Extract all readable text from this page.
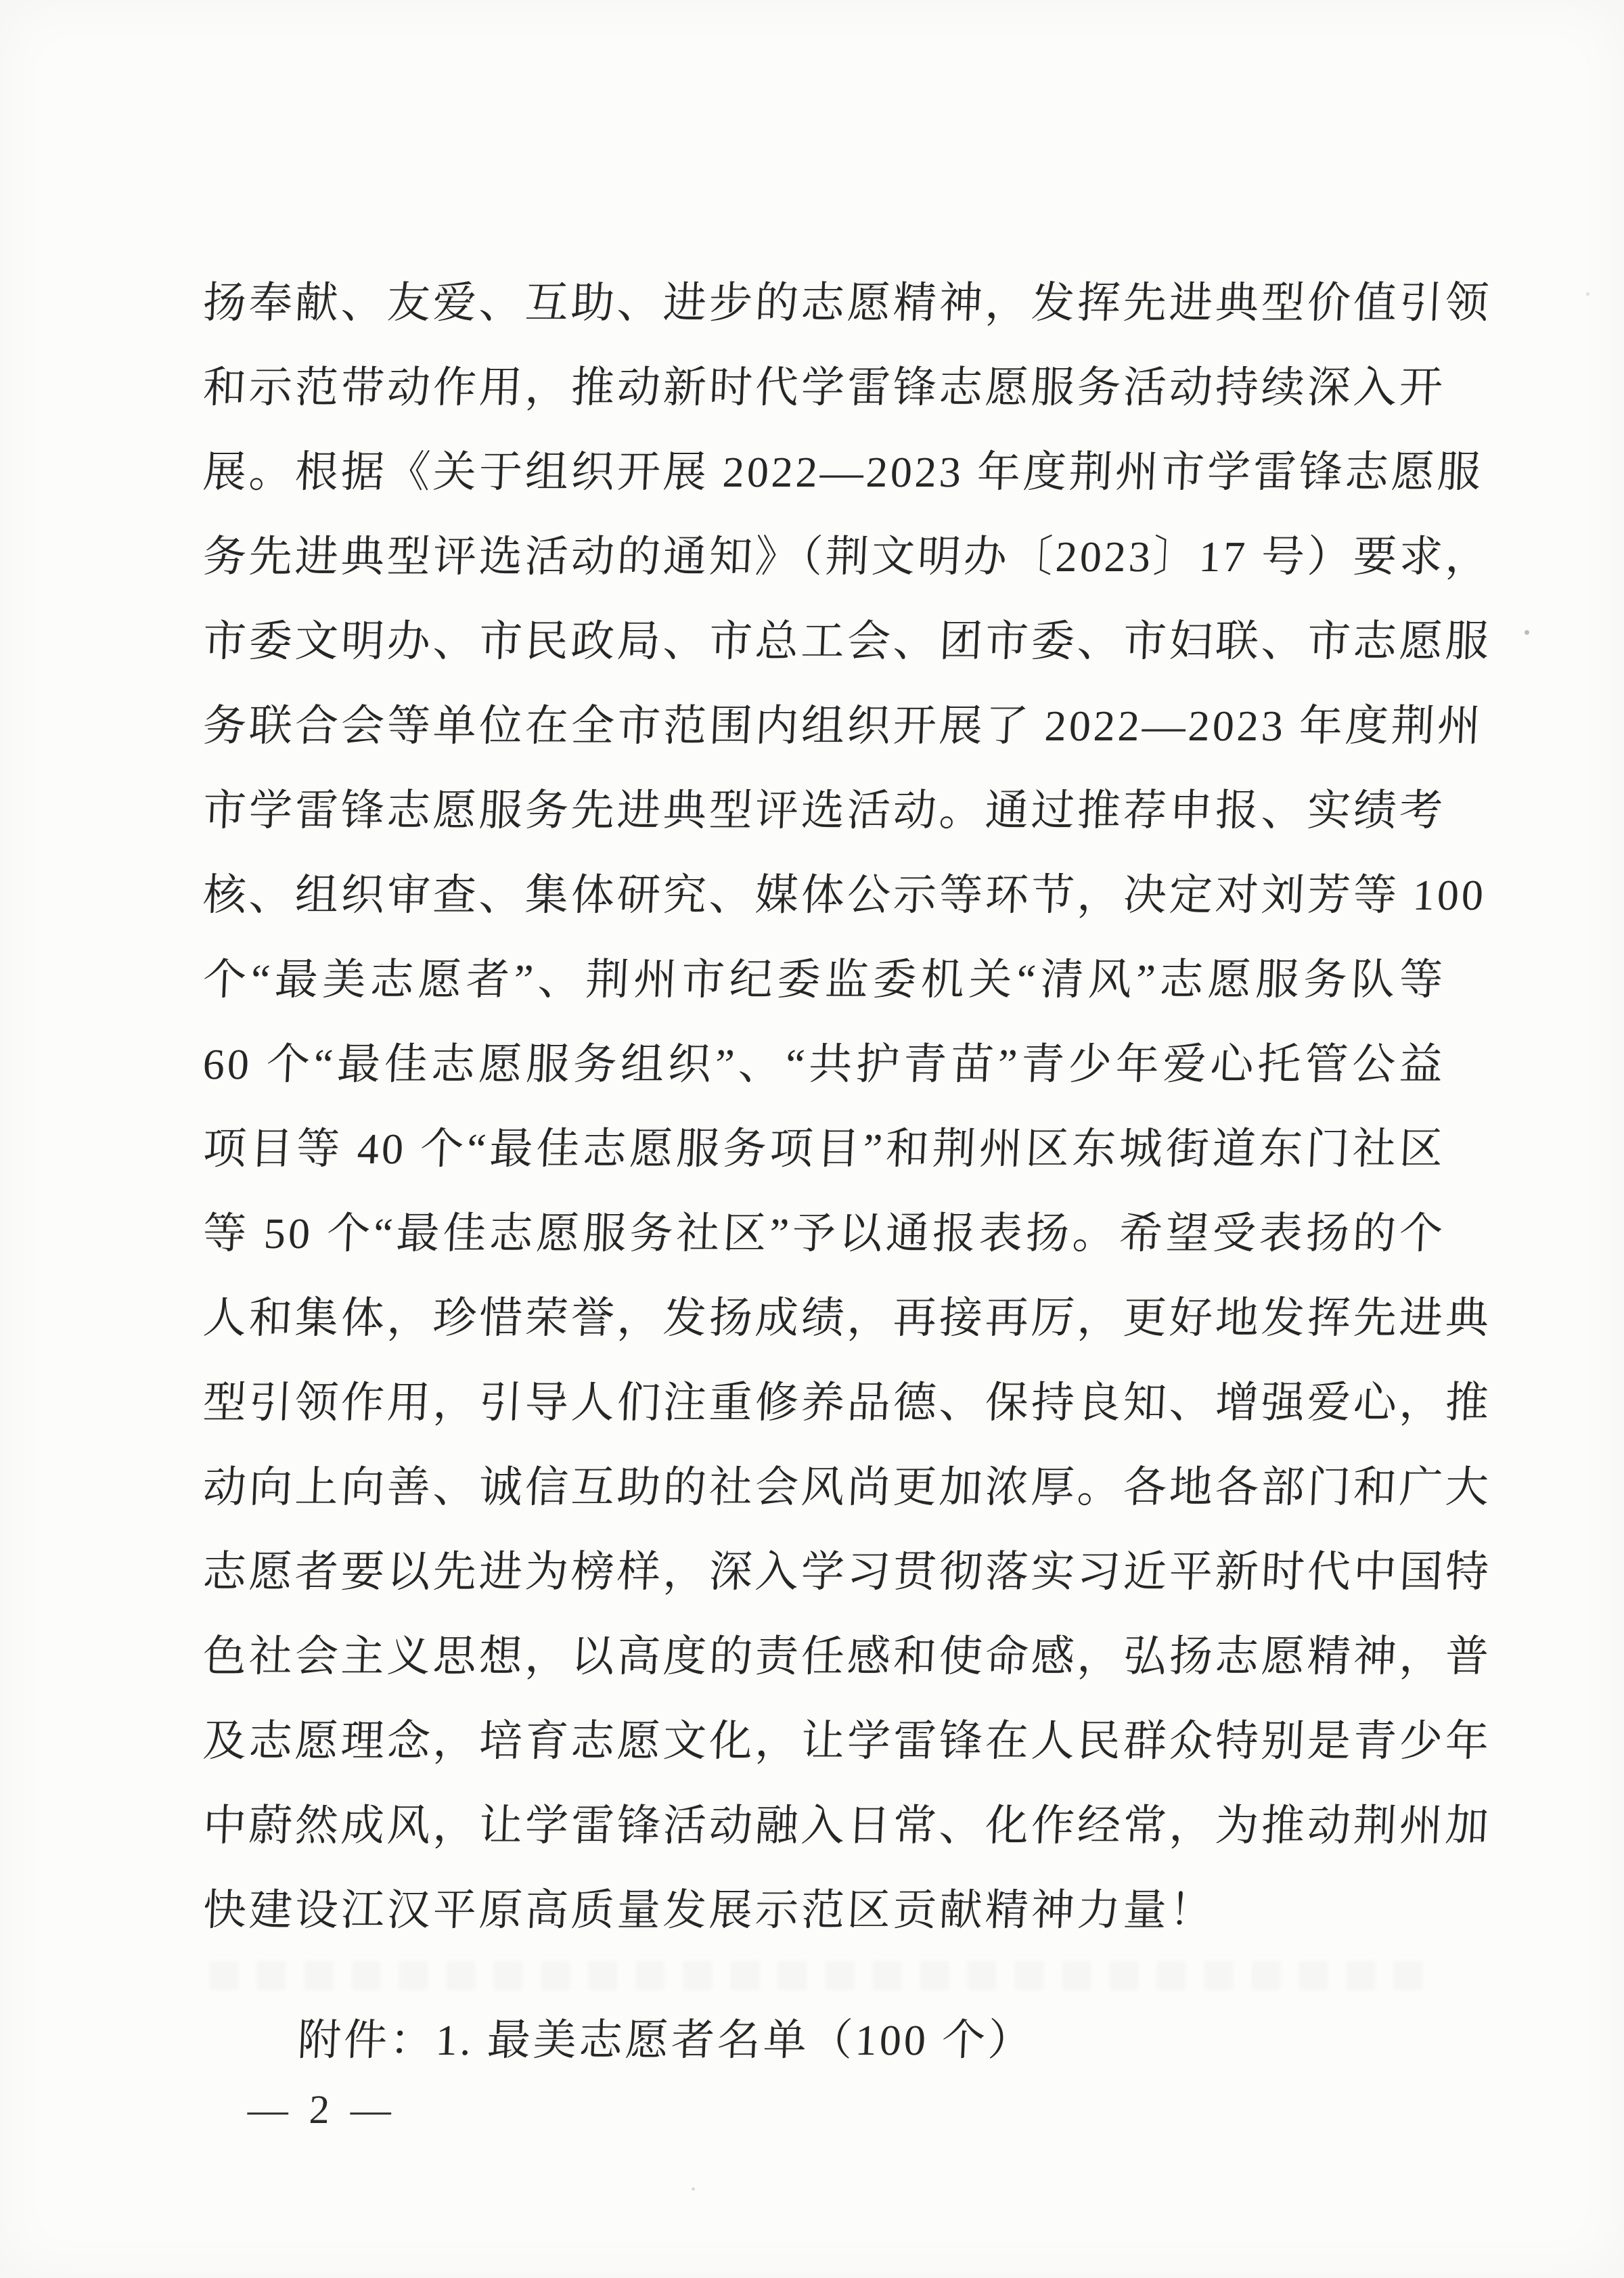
扬奉献、友爱、互助、进步的志愿精神，发挥先进典型价值引领
和示范带动作用，推动新时代学雷锋志愿服务活动持续深入开
展。根据《关于组织开展 2022—2023 年度荆州市学雷锋志愿服
务先进典型评选活动的通知》（荆文明办〔2023〕17 号）要求，
市委文明办、市民政局、市总工会、团市委、市妇联、市志愿服
务联合会等单位在全市范围内组织开展了 2022—2023 年度荆州
市学雷锋志愿服务先进典型评选活动。通过推荐申报、实绩考
核、组织审查、集体研究、媒体公示等环节，决定对刘芳等 100
个“最美志愿者”、荆州市纪委监委机关“清风”志愿服务队等
60 个“最佳志愿服务组织”、“共护青苗”青少年爱心托管公益
项目等 40 个“最佳志愿服务项目”和荆州区东城街道东门社区
等 50 个“最佳志愿服务社区”予以通报表扬。希望受表扬的个
人和集体，珍惜荣誉，发扬成绩，再接再厉，更好地发挥先进典
型引领作用，引导人们注重修养品德、保持良知、增强爱心，推
动向上向善、诚信互助的社会风尚更加浓厚。各地各部门和广大
志愿者要以先进为榜样，深入学习贯彻落实习近平新时代中国特
色社会主义思想，以高度的责任感和使命感，弘扬志愿精神，普
及志愿理念，培育志愿文化，让学雷锋在人民群众特别是青少年
中蔚然成风，让学雷锋活动融入日常、化作经常，为推动荆州加
快建设江汉平原高质量发展示范区贡献精神力量！
附件：1. 最美志愿者名单（100 个）
— 2 —
